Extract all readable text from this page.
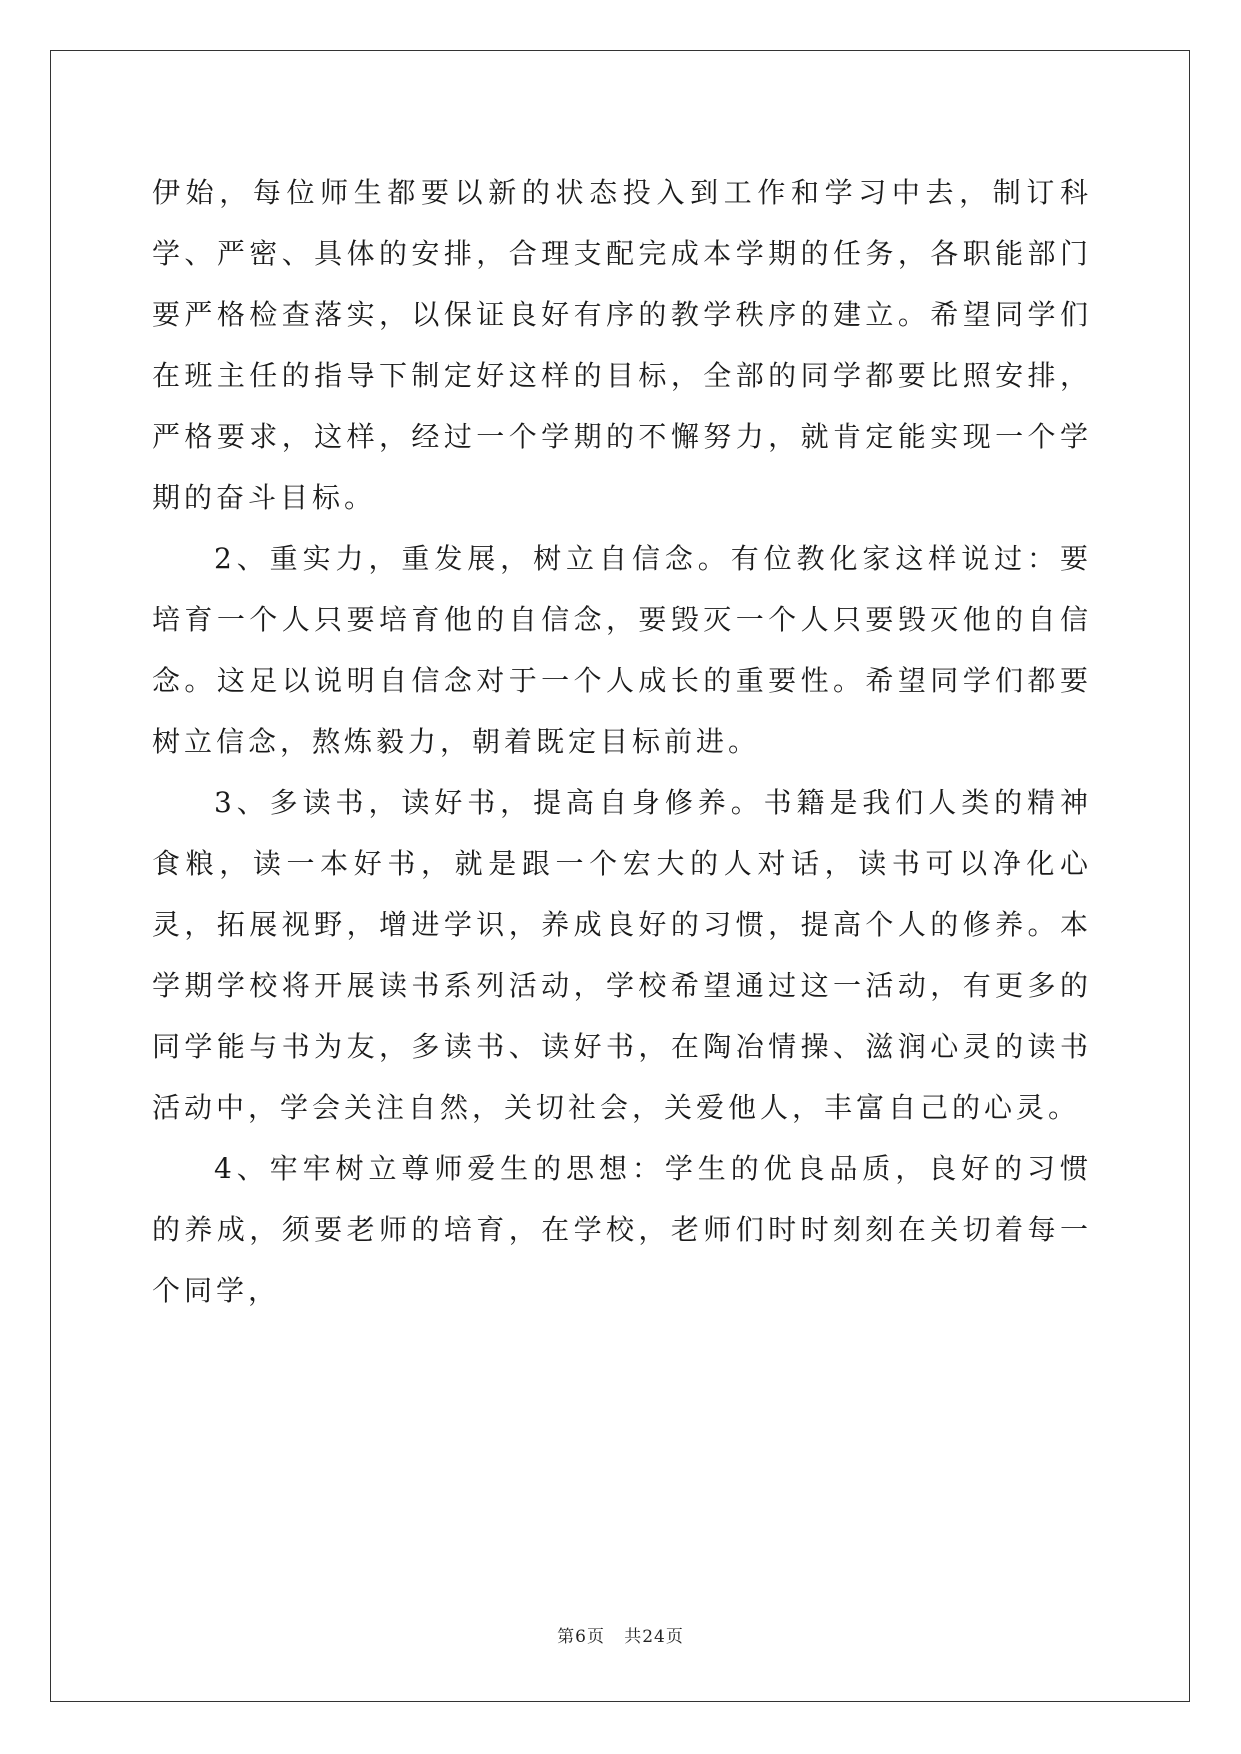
伊始，每位师生都要以新的状态投入到工作和学习中去，制订科学、严密、具体的安排，合理支配完成本学期的任务，各职能部门要严格检查落实，以保证良好有序的教学秩序的建立。希望同学们在班主任的指导下制定好这样的目标，全部的同学都要比照安排，严格要求，这样，经过一个学期的不懈努力，就肯定能实现一个学期的奋斗目标。

2、重实力，重发展，树立自信念。有位教化家这样说过：要培育一个人只要培育他的自信念，要毁灭一个人只要毁灭他的自信念。这足以说明自信念对于一个人成长的重要性。希望同学们都要树立信念，熬炼毅力，朝着既定目标前进。

3、多读书，读好书，提高自身修养。书籍是我们人类的精神食粮，读一本好书，就是跟一个宏大的人对话，读书可以净化心灵，拓展视野，增进学识，养成良好的习惯，提高个人的修养。本学期学校将开展读书系列活动，学校希望通过这一活动，有更多的同学能与书为友，多读书、读好书，在陶冶情操、滋润心灵的读书活动中，学会关注自然，关切社会，关爱他人，丰富自己的心灵。

4、牢牢树立尊师爱生的思想：学生的优良品质，良好的习惯的养成，须要老师的培育，在学校，老师们时时刻刻在关切着每一个同学，

第6页 共24页
